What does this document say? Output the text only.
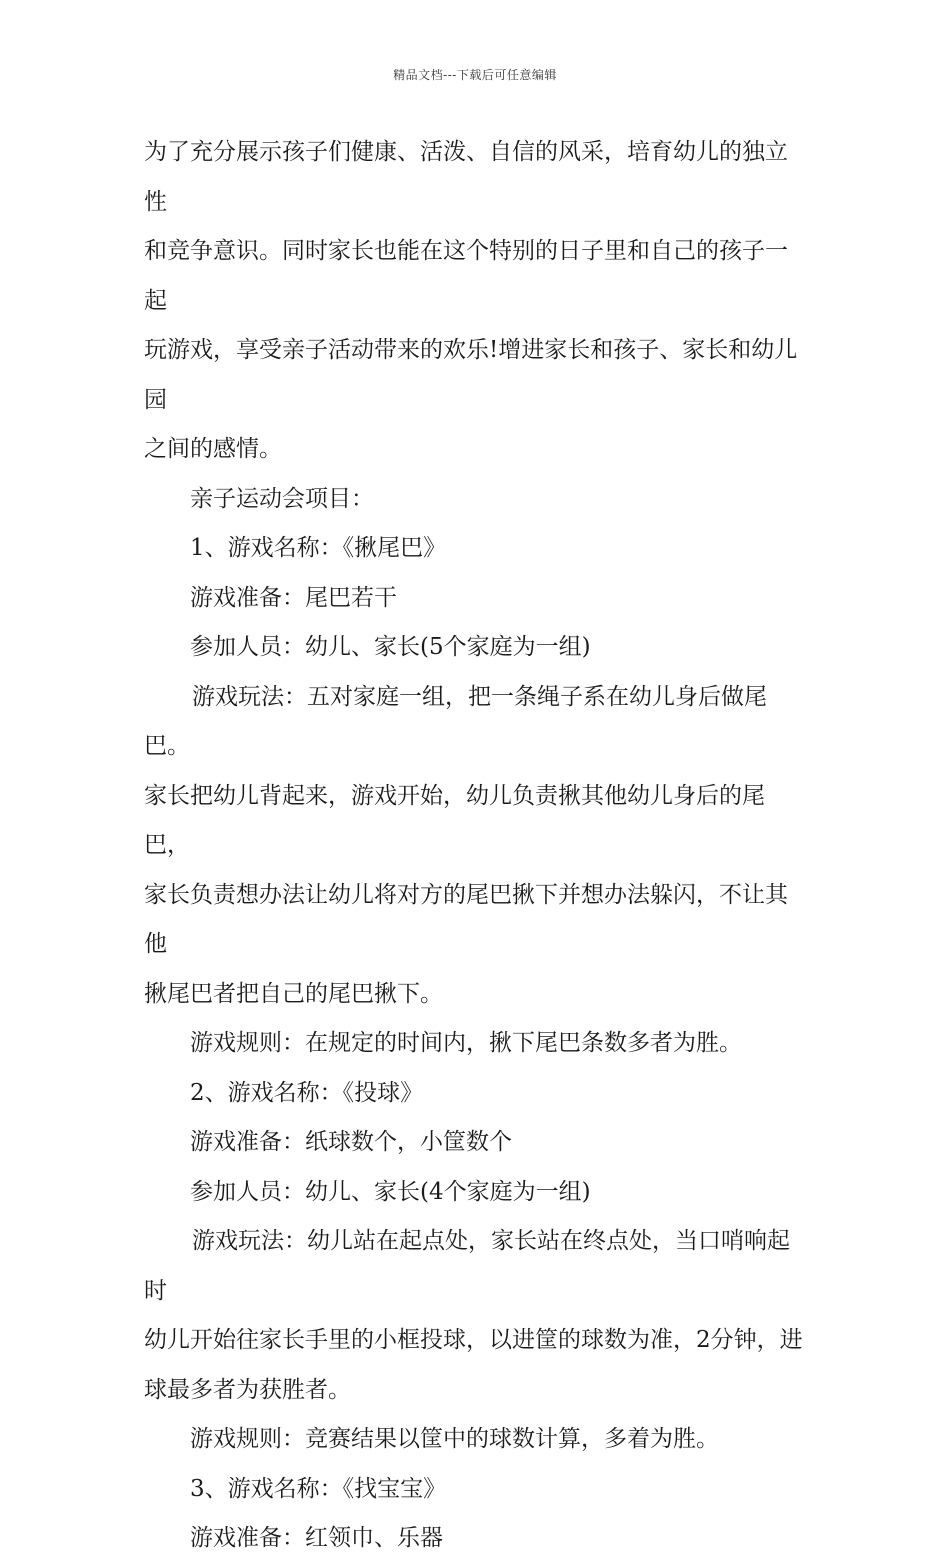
精品文档---下载后可任意编辑

为了充分展示孩子们健康、活泼、自信的风采，培育幼儿的独立性

和竞争意识。同时家长也能在这个特别的日子里和自己的孩子一起

玩游戏，享受亲子活动带来的欢乐!增进家长和孩子、家长和幼儿园

之间的感情。

亲子运动会项目：

1、游戏名称：《揪尾巴》

游戏准备：尾巴若干

参加人员：幼儿、家长(5个家庭为一组)

游戏玩法：五对家庭一组，把一条绳子系在幼儿身后做尾巴。

家长把幼儿背起来，游戏开始，幼儿负责揪其他幼儿身后的尾巴，

家长负责想办法让幼儿将对方的尾巴揪下并想办法躲闪，不让其他

揪尾巴者把自己的尾巴揪下。

游戏规则：在规定的时间内，揪下尾巴条数多者为胜。

2、游戏名称：《投球》

游戏准备：纸球数个，小筐数个

参加人员：幼儿、家长(4个家庭为一组)

游戏玩法：幼儿站在起点处，家长站在终点处，当口哨响起时

幼儿开始往家长手里的小框投球，以进筐的球数为准，2分钟，进

球最多者为获胜者。

游戏规则：竞赛结果以筐中的球数计算，多着为胜。

3、游戏名称：《找宝宝》

游戏准备：红领巾、乐器
